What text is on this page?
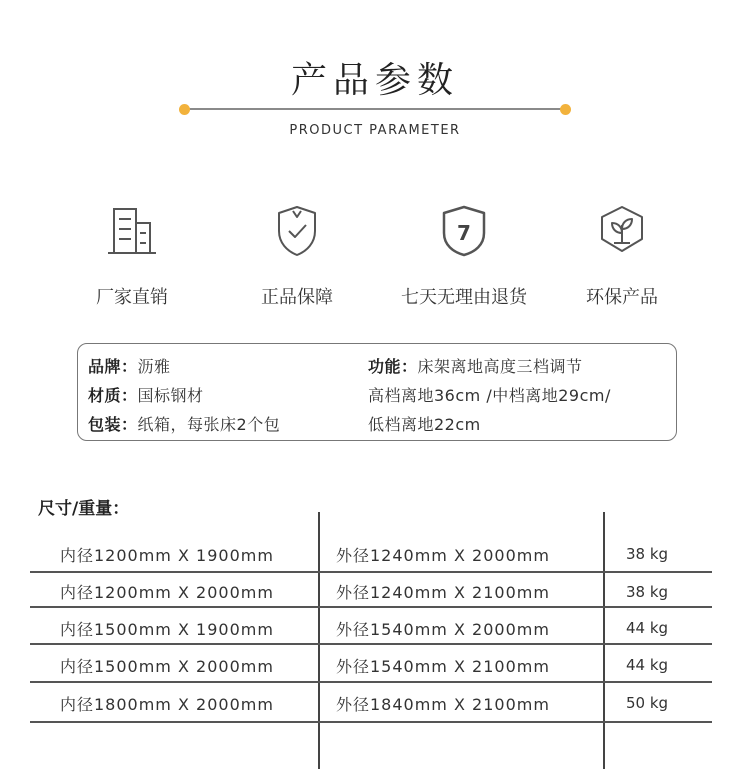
产品参数
PRODUCT PARAMETER
厂家直销	正品保障
7
七天无理由退货	环保产品
品牌：沥雅
材质：国标钢材
包装：纸箱，每张床2个包
功能：床架离地高度三档调节
高档离地36cm /中档离地29cm/
低档离地22cm
尺寸/重量：
内径1200mm X 1900mm	外径1240mm X 2000mm	38 kg
内径1200mm X 2000mm	外径1240mm X 2100mm	38 kg
内径1500mm X 1900mm	外径1540mm X 2000mm	44 kg
内径1500mm X 2000mm	外径1540mm X 2100mm	44 kg
内径1800mm X 2000mm	外径1840mm X 2100mm	50 kg
